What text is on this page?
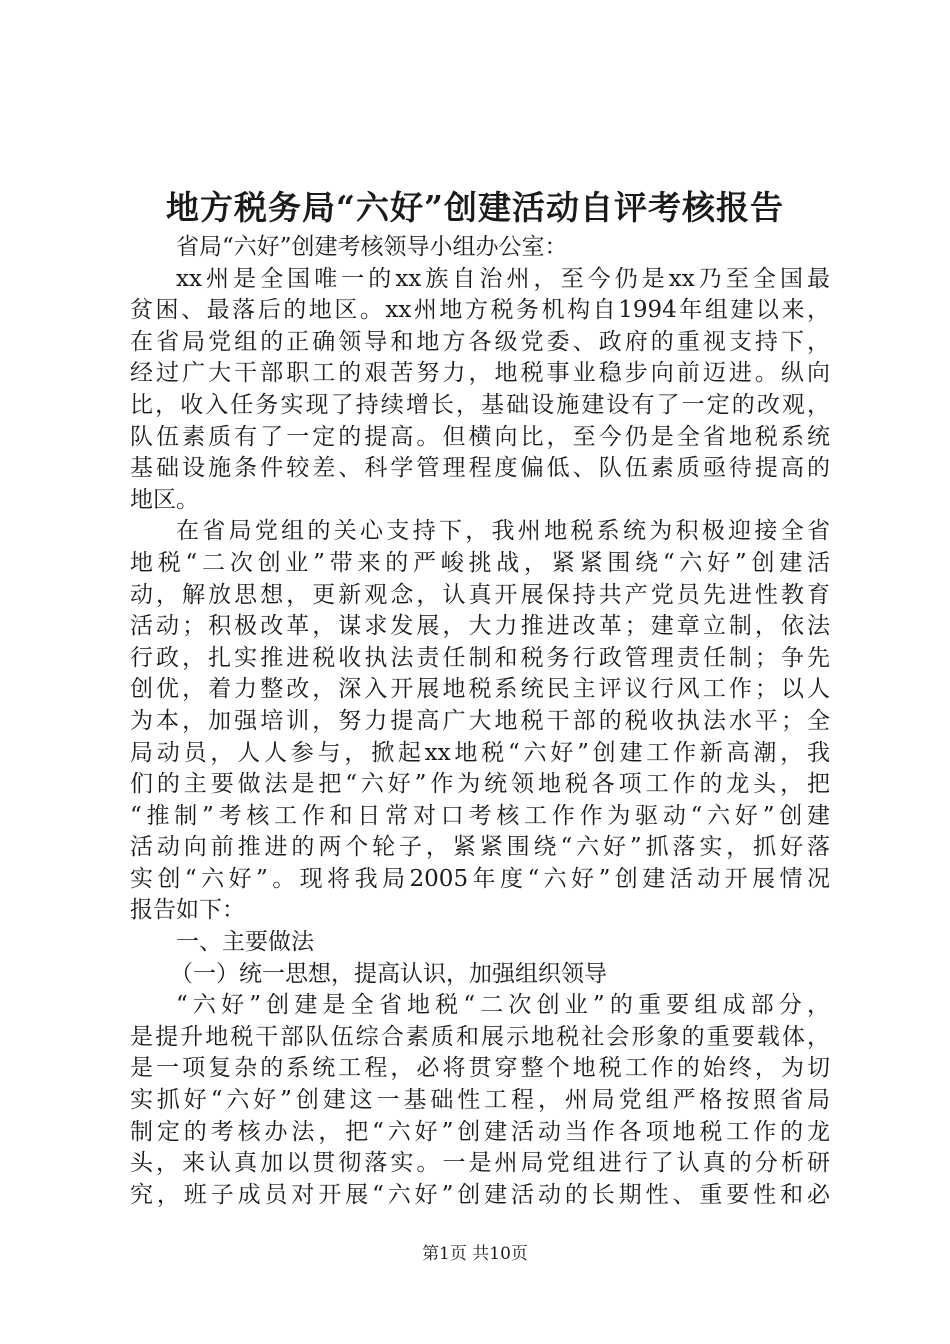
地方税务局“六好”创建活动自评考核报告
省局“六好”创建考核领导小组办公室：
xx州是全国唯一的xx族自治州，至今仍是xx乃至全国最
贫困、最落后的地区。xx州地方税务机构自1994年组建以来，
在省局党组的正确领导和地方各级党委、政府的重视支持下，
经过广大干部职工的艰苦努力，地税事业稳步向前迈进。纵向
比，收入任务实现了持续增长，基础设施建设有了一定的改观，
队伍素质有了一定的提高。但横向比，至今仍是全省地税系统
基础设施条件较差、科学管理程度偏低、队伍素质亟待提高的
地区。
在省局党组的关心支持下，我州地税系统为积极迎接全省
地税“二次创业”带来的严峻挑战，紧紧围绕“六好”创建活
动，解放思想，更新观念，认真开展保持共产党员先进性教育
活动；积极改革，谋求发展，大力推进改革；建章立制，依法
行政，扎实推进税收执法责任制和税务行政管理责任制；争先
创优，着力整改，深入开展地税系统民主评议行风工作；以人
为本，加强培训，努力提高广大地税干部的税收执法水平；全
局动员，人人参与，掀起xx地税“六好”创建工作新高潮，我
们的主要做法是把“六好”作为统领地税各项工作的龙头，把
“推制”考核工作和日常对口考核工作作为驱动“六好”创建
活动向前推进的两个轮子，紧紧围绕“六好”抓落实，抓好落
实创“六好”。现将我局2005年度“六好”创建活动开展情况
报告如下：
一、主要做法
（一）统一思想，提高认识，加强组织领导
“六好”创建是全省地税“二次创业”的重要组成部分，
是提升地税干部队伍综合素质和展示地税社会形象的重要载体，
是一项复杂的系统工程，必将贯穿整个地税工作的始终，为切
实抓好“六好”创建这一基础性工程，州局党组严格按照省局
制定的考核办法，把“六好”创建活动当作各项地税工作的龙
头，来认真加以贯彻落实。一是州局党组进行了认真的分析研
究，班子成员对开展“六好”创建活动的长期性、重要性和必
第1页 共10页
